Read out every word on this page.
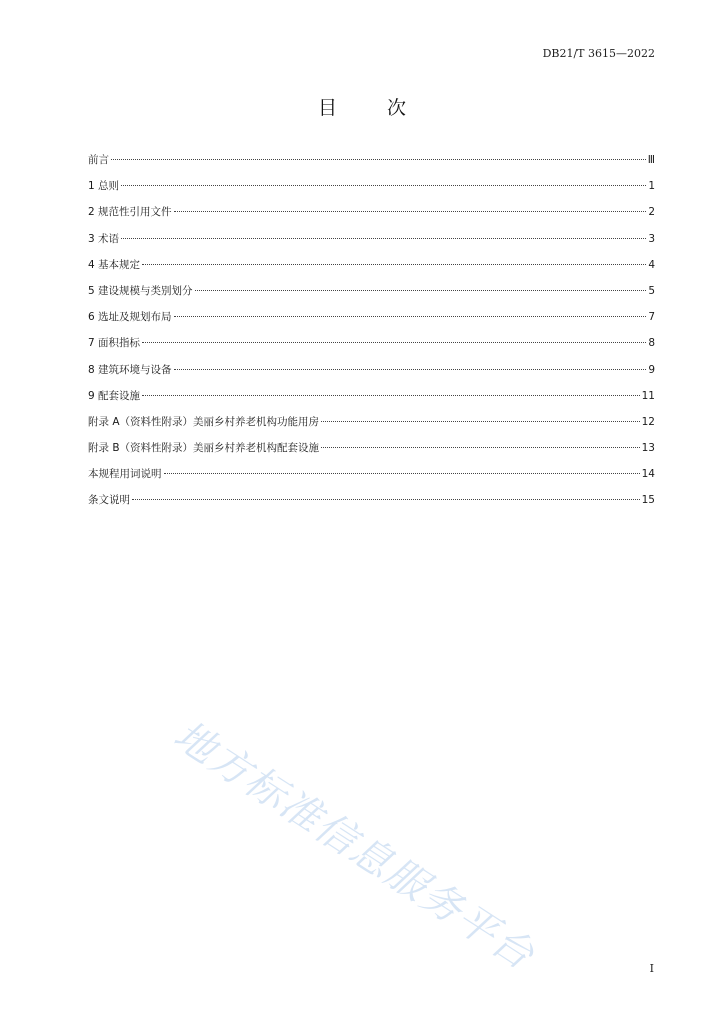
DB21/T 3615—2022
目 次
前言	Ⅲ
1 总则	1
2 规范性引用文件	2
3 术语	3
4 基本规定	4
5 建设规模与类别划分	5
6 选址及规划布局	7
7 面积指标	8
8 建筑环境与设备	9
9 配套设施	11
附录 A（资料性附录）美丽乡村养老机构功能用房	12
附录 B（资料性附录）美丽乡村养老机构配套设施	13
本规程用词说明	14
条文说明	15
地方标准信息服务平台	I
